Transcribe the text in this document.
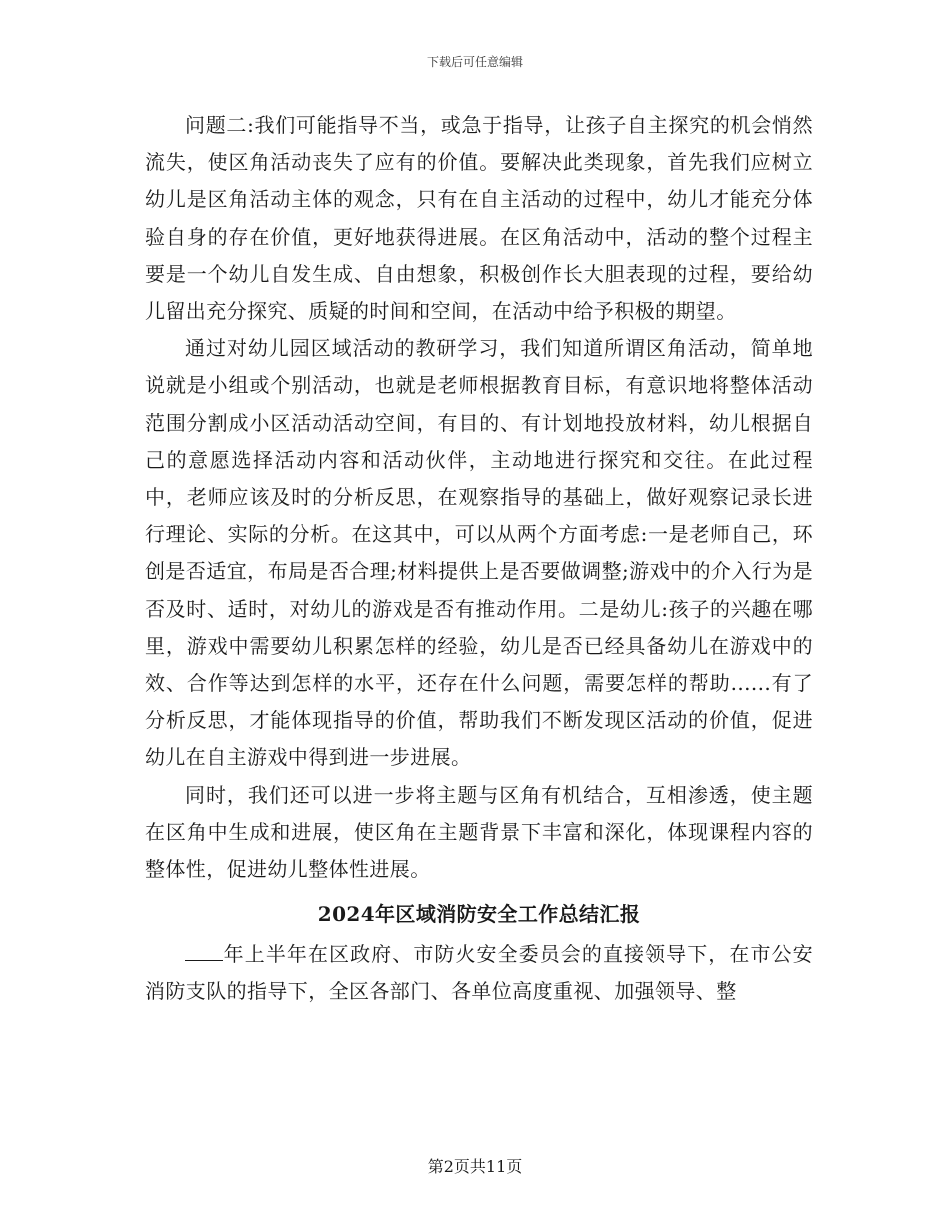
下载后可任意编辑

问题二:我们可能指导不当，或急于指导，让孩子自主探究的机会悄然流失，使区角活动丧失了应有的价值。要解决此类现象，首先我们应树立幼儿是区角活动主体的观念，只有在自主活动的过程中，幼儿才能充分体验自身的存在价值，更好地获得进展。在区角活动中，活动的整个过程主要是一个幼儿自发生成、自由想象，积极创作长大胆表现的过程，要给幼儿留出充分探究、质疑的时间和空间，在活动中给予积极的期望。

通过对幼儿园区域活动的教研学习，我们知道所谓区角活动，简单地说就是小组或个别活动，也就是老师根据教育目标，有意识地将整体活动范围分割成小区活动活动空间，有目的、有计划地投放材料，幼儿根据自己的意愿选择活动内容和活动伙伴，主动地进行探究和交往。在此过程中，老师应该及时的分析反思，在观察指导的基础上，做好观察记录长进行理论、实际的分析。在这其中，可以从两个方面考虑:一是老师自己，环创是否适宜，布局是否合理;材料提供上是否要做调整;游戏中的介入行为是否及时、适时，对幼儿的游戏是否有推动作用。二是幼儿:孩子的兴趣在哪里，游戏中需要幼儿积累怎样的经验，幼儿是否已经具备幼儿在游戏中的效、合作等达到怎样的水平，还存在什么问题，需要怎样的帮助......有了分析反思，才能体现指导的价值，帮助我们不断发现区活动的价值，促进幼儿在自主游戏中得到进一步进展。

同时，我们还可以进一步将主题与区角有机结合，互相渗透，使主题在区角中生成和进展，使区角在主题背景下丰富和深化，体现课程内容的整体性，促进幼儿整体性进展。

2024年区域消防安全工作总结汇报

年上半年在区政府、市防火安全委员会的直接领导下，在市公安消防支队的指导下，全区各部门、各单位高度重视、加强领导、整

第2页共11页
